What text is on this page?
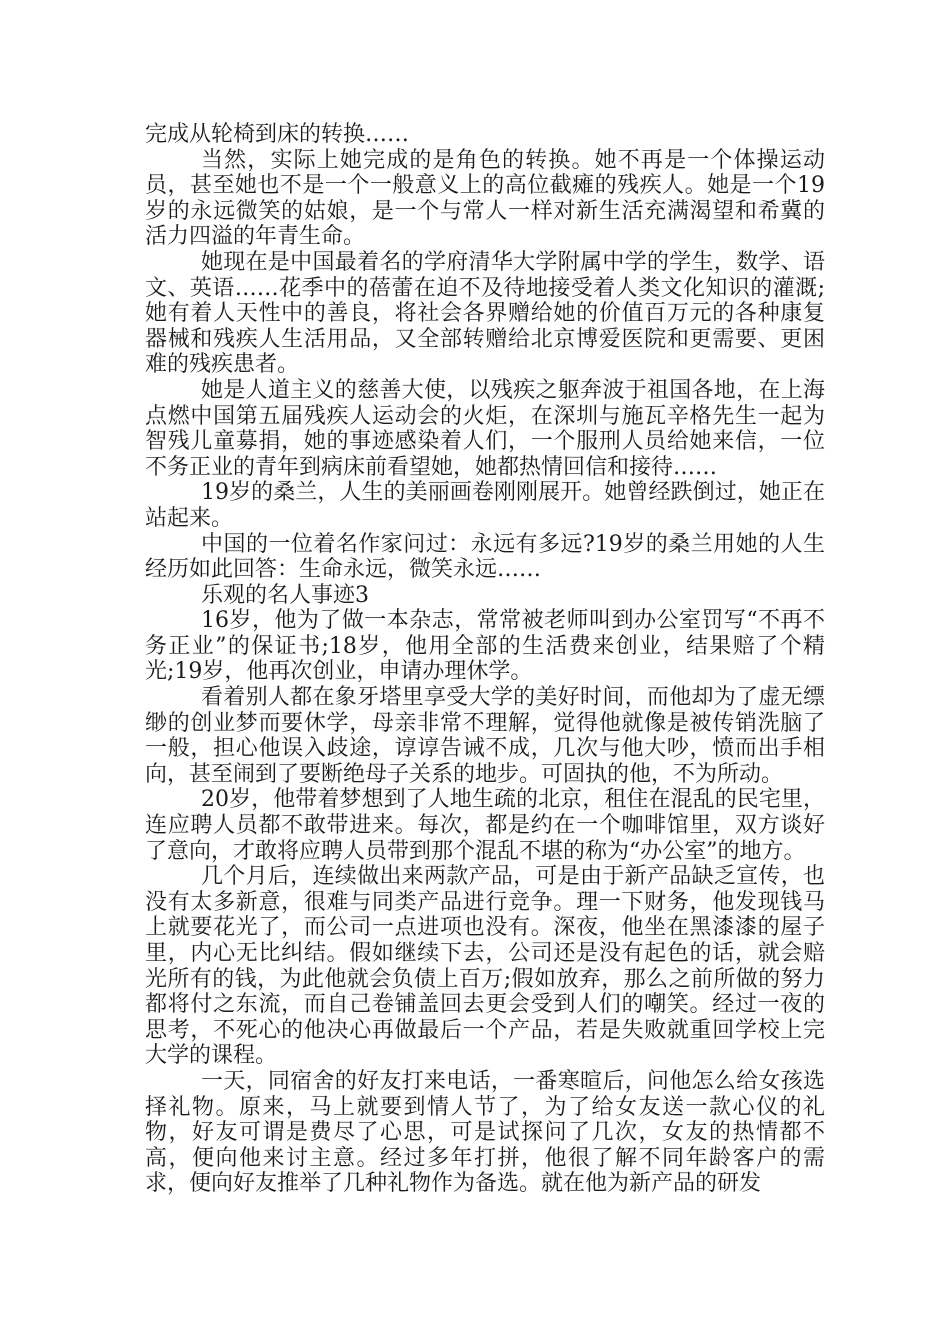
完成从轮椅到床的转换……

当然，实际上她完成的是角色的转换。她不再是一个体操运动员，甚至她也不是一个一般意义上的高位截瘫的残疾人。她是一个19岁的永远微笑的姑娘，是一个与常人一样对新生活充满渴望和希冀的活力四溢的年青生命。

她现在是中国最着名的学府清华大学附属中学的学生，数学、语文、英语……花季中的蓓蕾在迫不及待地接受着人类文化知识的灌溉;她有着人天性中的善良，将社会各界赠给她的价值百万元的各种康复器械和残疾人生活用品，又全部转赠给北京博爱医院和更需要、更困难的残疾患者。

她是人道主义的慈善大使，以残疾之躯奔波于祖国各地，在上海点燃中国第五届残疾人运动会的火炬，在深圳与施瓦辛格先生一起为智残儿童募捐，她的事迹感染着人们，一个服刑人员给她来信，一位不务正业的青年到病床前看望她，她都热情回信和接待……

19岁的桑兰，人生的美丽画卷刚刚展开。她曾经跌倒过，她正在站起来。

中国的一位着名作家问过：永远有多远?19岁的桑兰用她的人生经历如此回答：生命永远，微笑永远……

乐观的名人事迹3

16岁，他为了做一本杂志，常常被老师叫到办公室罚写“不再不务正业”的保证书;18岁，他用全部的生活费来创业，结果赔了个精光;19岁，他再次创业，申请办理休学。

看着别人都在象牙塔里享受大学的美好时间，而他却为了虚无缥缈的创业梦而要休学，母亲非常不理解，觉得他就像是被传销洗脑了一般，担心他误入歧途，谆谆告诫不成，几次与他大吵，愤而出手相向，甚至闹到了要断绝母子关系的地步。可固执的他，不为所动。

20岁，他带着梦想到了人地生疏的北京，租住在混乱的民宅里，连应聘人员都不敢带进来。每次，都是约在一个咖啡馆里，双方谈好了意向，才敢将应聘人员带到那个混乱不堪的称为“办公室”的地方。

几个月后，连续做出来两款产品，可是由于新产品缺乏宣传，也没有太多新意，很难与同类产品进行竞争。理一下财务，他发现钱马上就要花光了，而公司一点进项也没有。深夜，他坐在黑漆漆的屋子里，内心无比纠结。假如继续下去，公司还是没有起色的话，就会赔光所有的钱，为此他就会负债上百万;假如放弃，那么之前所做的努力都将付之东流，而自己卷铺盖回去更会受到人们的嘲笑。经过一夜的思考，不死心的他决心再做最后一个产品，若是失败就重回学校上完大学的课程。

一天，同宿舍的好友打来电话，一番寒暄后，问他怎么给女孩选择礼物。原来，马上就要到情人节了，为了给女友送一款心仪的礼物，好友可谓是费尽了心思，可是试探问了几次，女友的热情都不高，便向他来讨主意。经过多年打拼，他很了解不同年龄客户的需求，便向好友推举了几种礼物作为备选。就在他为新产品的研发
